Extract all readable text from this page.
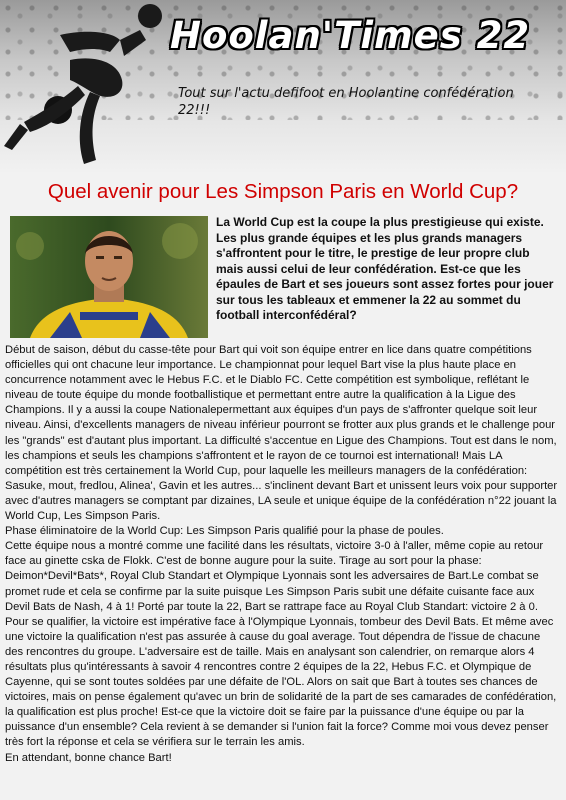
Hoolan'Times 22
Tout sur l'actu defifoot en Hoolantine confédération 22!!!
Quel avenir pour Les Simpson Paris en World Cup?
La World Cup est la coupe la plus prestigieuse qui existe. Les plus grande équipes et les plus grands managers s'affrontent pour le titre, le prestige de leur propre club mais aussi celui de leur confédération. Est-ce que les épaules de Bart et ses joueurs sont assez fortes pour jouer sur tous les tableaux et emmener la 22 au sommet du football interconfédéral?

Début de saison, début du casse-tête pour Bart qui voit son équipe entrer en lice dans quatre compétitions officielles qui ont chacune leur importance. Le championnat pour lequel Bart vise la plus haute place en concurrence notamment avec le Hebus F.C. et le Diablo FC. Cette compétition est symbolique, reflétant le niveau de toute équipe du monde footballistique et permettant entre autre la qualification à la Ligue des Champions. Il y a aussi la coupe Nationalepermettant aux équipes d'un pays de s'affronter quelque soit leur niveau. Ainsi, d'excellents managers de niveau inférieur pourront se frotter aux plus grands et le challenge pour les "grands" est d'autant plus important. La difficulté s'accentue en Ligue des Champions. Tout est dans le nom, les champions et seuls les champions s'affrontent et le rayon de ce tournoi est international! Mais LA compétition est très certainement la World Cup, pour laquelle les meilleurs managers de la confédération: Sasuke, mout, fredlou, Alinea', Gavin et les autres... s'inclinent devant Bart et unissent leurs voix pour supporter avec d'autres managers se comptant par dizaines, LA seule et unique équipe de la confédération n°22 jouant la World Cup, Les Simpson Paris.

Phase éliminatoire de la World Cup: Les Simpson Paris qualifié pour la phase de poules.

Cette équipe nous a montré comme une facilité dans les résultats, victoire 3-0 à l'aller, même copie au retour face au ginette cska de Flokk. C'est de bonne augure pour la suite. Tirage au sort pour la phase: Deimon*Devil*Bats*, Royal Club Standart et Olympique Lyonnais sont les adversaires de Bart.Le combat se promet rude et cela se confirme par la suite puisque Les Simpson Paris subit une défaite cuisante face aux Devil Bats de Nash, 4 à 1! Porté par toute la 22, Bart se rattrape face au Royal Club Standart: victoire 2 à 0. Pour se qualifier, la victoire est impérative face à l'Olympique Lyonnais, tombeur des Devil Bats. Et même avec une victoire la qualification n'est pas assurée à cause du goal average. Tout dépendra de l'issue de chacune des rencontres du groupe. L'adversaire est de taille. Mais en analysant son calendrier, on remarque alors 4 résultats plus qu'intéressants à savoir 4 rencontres contre 2 équipes de la 22, Hebus F.C. et Olympique de Cayenne, qui se sont toutes soldées par une défaite de l'OL. Alors on sait que Bart à toutes ses chances de victoires, mais on pense également qu'avec un brin de solidarité de la part de ses camarades de confédération, la qualification est plus proche! Est-ce que la victoire doit se faire par la puissance d'une équipe ou par la puissance d'un ensemble? Cela revient à se demander si l'union fait la force? Comme moi vous devez penser très fort la réponse et cela se vérifiera sur le terrain les amis.

En attendant, bonne chance Bart!
